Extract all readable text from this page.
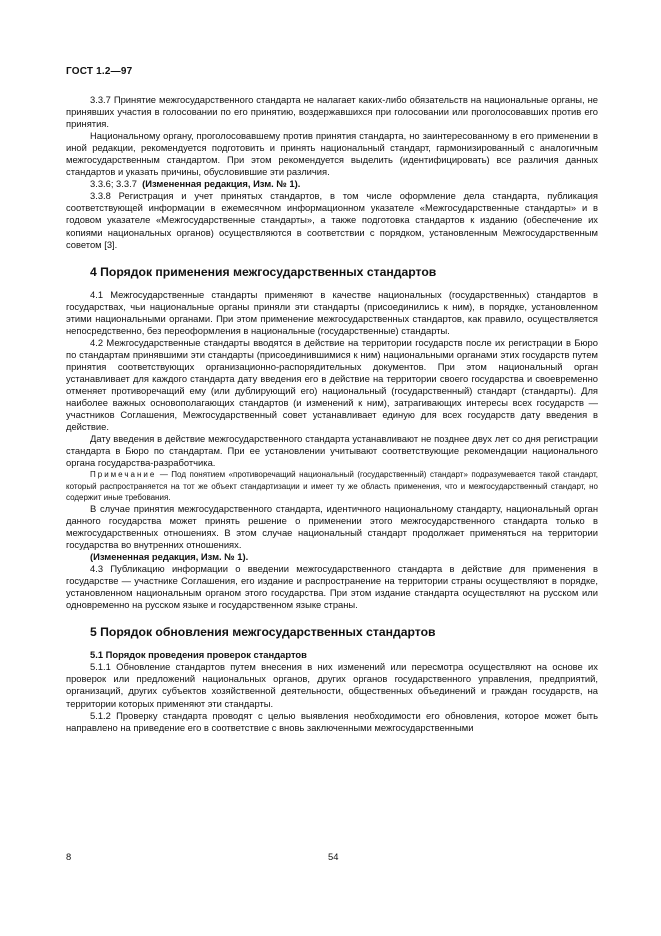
ГОСТ 1.2—97

3.3.7 Принятие межгосударственного стандарта не налагает каких-либо обязательств на национальные органы, не принявших участия в голосовании по его принятию, воздержавшихся при голосовании или проголосовавших против его принятия.

Национальному органу, проголосовавшему против принятия стандарта, но заинтересованному в его применении в иной редакции, рекомендуется подготовить и принять национальный стандарт, гармонизированный с аналогичным межгосударственным стандартом. При этом рекомендуется выделить (идентифицировать) все различия данных стандартов и указать причины, обусловившие эти различия.

3.3.6; 3.3.7 (Измененная редакция, Изм. № 1).

3.3.8 Регистрация и учет принятых стандартов, в том числе оформление дела стандарта, публикация соответствующей информации в ежемесячном информационном указателе «Межгосударственные стандарты» и в годовом указателе «Межгосударственные стандарты», а также подготовка стандартов к изданию (обеспечение их копиями национальных органов) осуществляются в соответствии с порядком, установленным Межгосударственным советом [3].

4 Порядок применения межгосударственных стандартов

4.1 Межгосударственные стандарты применяют в качестве национальных (государственных) стандартов в государствах, чьи национальные органы приняли эти стандарты (присоединились к ним), в порядке, установленном этими национальными органами. При этом применение межгосударственных стандартов, как правило, осуществляется непосредственно, без переоформления в национальные (государственные) стандарты.

4.2 Межгосударственные стандарты вводятся в действие на территории государств после их регистрации в Бюро по стандартам принявшими эти стандарты (присоединившимися к ним) национальными органами этих государств путем принятия соответствующих организационно-распорядительных документов. При этом национальный орган устанавливает для каждого стандарта дату введения его в действие на территории своего государства и своевременно отменяет противоречащий ему (или дублирующий его) национальный (государственный) стандарт (стандарты). Для наиболее важных основополагающих стандартов (и изменений к ним), затрагивающих интересы всех государств — участников Соглашения, Межгосударственный совет устанавливает единую для всех государств дату введения в действие.

Дату введения в действие межгосударственного стандарта устанавливают не позднее двух лет со дня регистрации стандарта в Бюро по стандартам. При ее установлении учитывают соответствующие рекомендации национального органа государства-разработчика.

Примечание — Под понятием «противоречащий национальный (государственный) стандарт» подразумевается такой стандарт, который распространяется на тот же объект стандартизации и имеет ту же область применения, что и межгосударственный стандарт, но содержит иные требования.

В случае принятия межгосударственного стандарта, идентичного национальному стандарту, национальный орган данного государства может принять решение о применении этого межгосударственного стандарта только в межгосударственных отношениях. В этом случае национальный стандарт продолжает применяться на территории государства во внутренних отношениях.

(Измененная редакция, Изм. № 1).

4.3 Публикацию информации о введении межгосударственного стандарта в действие для применения в государстве — участнике Соглашения, его издание и распространение на территории страны осуществляют в порядке, установленном национальным органом этого государства. При этом издание стандарта осуществляют на русском или одновременно на русском языке и государственном языке страны.

5 Порядок обновления межгосударственных стандартов
5.1 Порядок проведения проверок стандартов

5.1.1 Обновление стандартов путем внесения в них изменений или пересмотра осуществляют на основе их проверок или предложений национальных органов, других органов государственного управления, предприятий, организаций, других субъектов хозяйственной деятельности, общественных объединений и граждан государств, на территории которых применяют эти стандарты.

5.1.2 Проверку стандарта проводят с целью выявления необходимости его обновления, которое может быть направлено на приведение его в соответствие с вновь заключенными межгосударственными

8	54
